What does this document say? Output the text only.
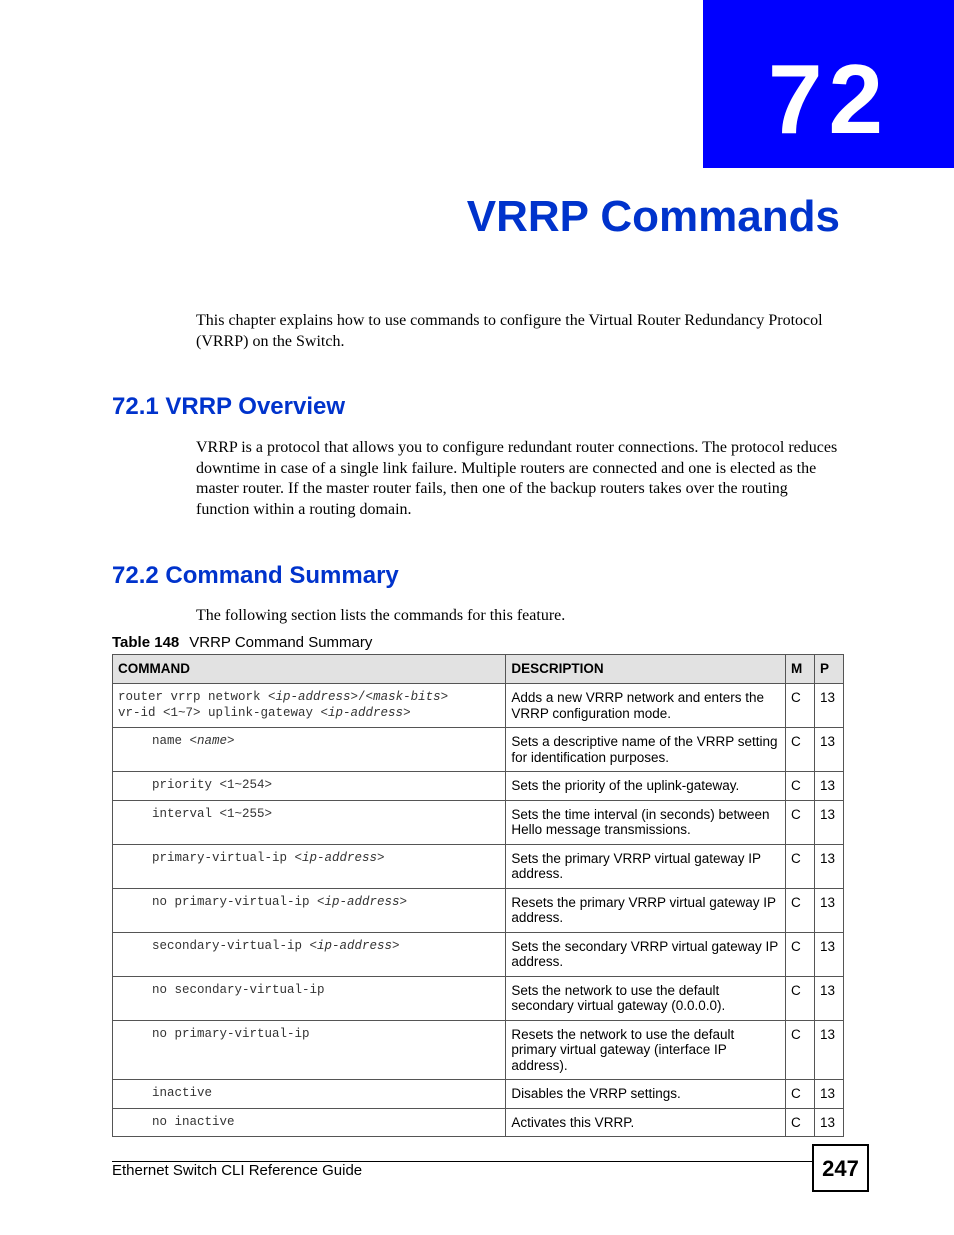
72
VRRP Commands

This chapter explains how to use commands to configure the Virtual Router Redundancy Protocol (VRRP) on the Switch.

72.1 VRRP Overview

VRRP is a protocol that allows you to configure redundant router connections. The protocol reduces downtime in case of a single link failure. Multiple routers are connected and one is elected as the master router. If the master router fails, then one of the backup routers takes over the routing function within a routing domain.

72.2 Command Summary

The following section lists the commands for this feature.

Table 148 VRRP Command Summary
COMMAND	DESCRIPTION	M	P
router vrrp network <ip-address>/<mask-bits>
vr-id <1~7> uplink-gateway <ip-address>	Adds a new VRRP network and enters the VRRP configuration mode.	C	13
name <name>	Sets a descriptive name of the VRRP setting for identification purposes.	C	13
priority <1~254>	Sets the priority of the uplink-gateway.	C	13
interval <1~255>	Sets the time interval (in seconds) between Hello message transmissions.	C	13
primary-virtual-ip <ip-address>	Sets the primary VRRP virtual gateway IP address.	C	13
no primary-virtual-ip <ip-address>	Resets the primary VRRP virtual gateway IP address.	C	13
secondary-virtual-ip <ip-address>	Sets the secondary VRRP virtual gateway IP address.	C	13
no secondary-virtual-ip	Sets the network to use the default secondary virtual gateway (0.0.0.0).	C	13
no primary-virtual-ip	Resets the network to use the default primary virtual gateway (interface IP address).	C	13
inactive	Disables the VRRP settings.	C	13
no inactive	Activates this VRRP.	C	13
Ethernet Switch CLI Reference Guide	247
